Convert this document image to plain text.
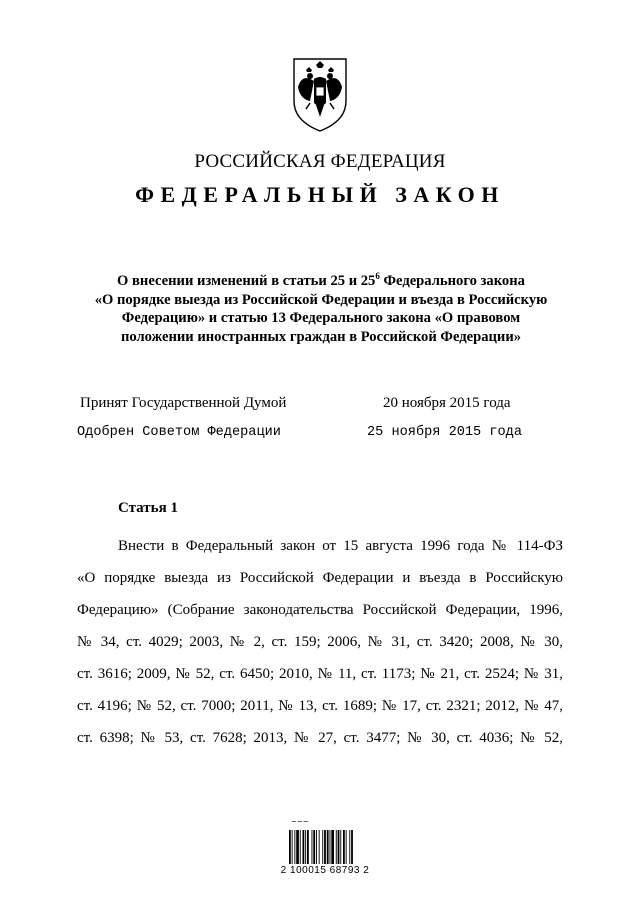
РОССИЙСКАЯ ФЕДЕРАЦИЯ
ФЕДЕРАЛЬНЫЙ ЗАКОН
О внесении изменений в статьи 25 и $25^6$ Федерального закона
«О порядке выезда из Российской Федерации и въезда в Российскую
Федерацию» и статью 13 Федерального закона «О правовом
положении иностранных граждан в Российской Федерации»
Принят Государственной Думой	20 ноября 2015 года
Одобрен Советом Федерации	25 ноября 2015 года
Статья 1
Внести в Федеральный закон от 15 августа 1996 года № 114-ФЗ
«О порядке выезда из Российской Федерации и въезда в Российскую
Федерацию» (Собрание законодательства Российской Федерации, 1996,
№ 34, ст. 4029; 2003, № 2, ст. 159; 2006, № 31, ст. 3420; 2008, № 30,
ст. 3616; 2009, № 52, ст. 6450; 2010, № 11, ст. 1173; № 21, ст. 2524; № 31,
ст. 4196; № 52, ст. 7000; 2011, № 13, ст. 1689; № 17, ст. 2321; 2012, № 47,
ст. 6398; № 53, ст. 7628; 2013, № 27, ст. 3477; № 30, ст. 4036; № 52,
~~~
2 100015 68793 2
